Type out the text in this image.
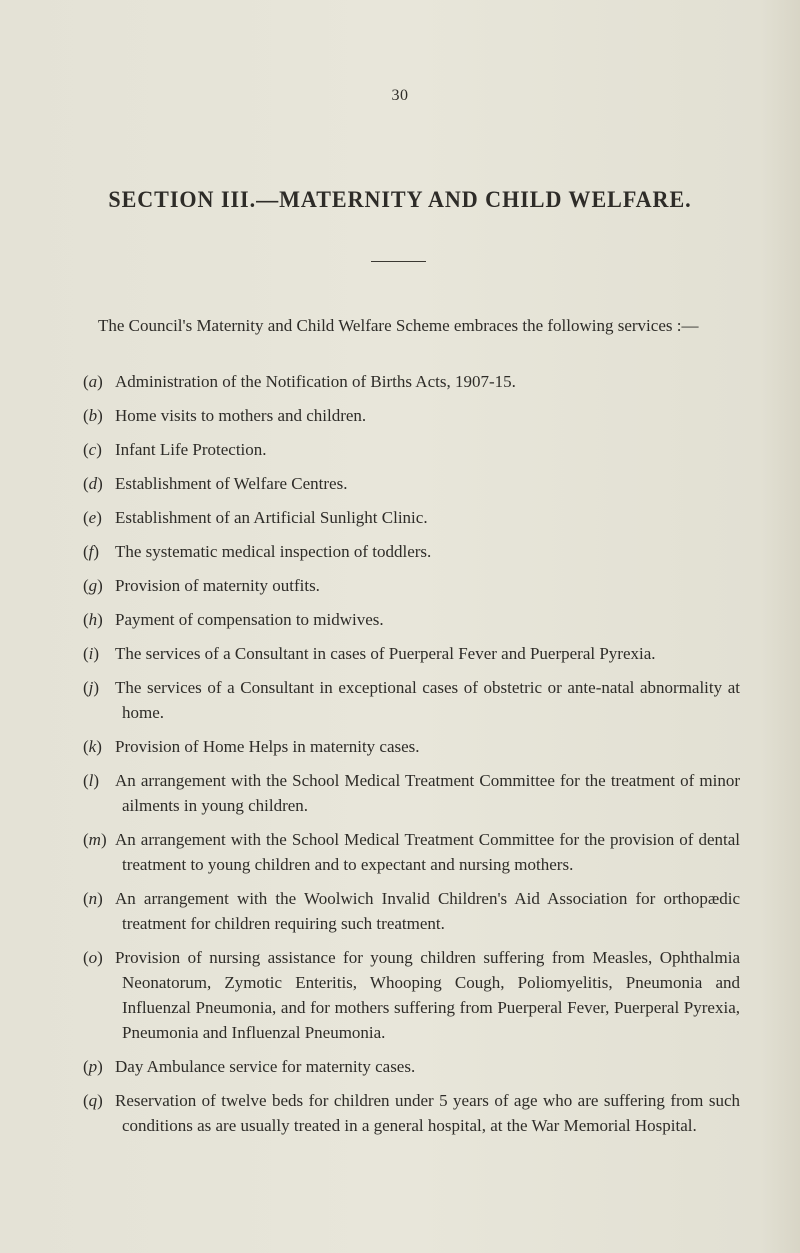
30
SECTION III.—MATERNITY AND CHILD WELFARE.

The Council's Maternity and Child Welfare Scheme embraces the following services :—

(a) Administration of the Notification of Births Acts, 1907-15.
(b) Home visits to mothers and children.
(c) Infant Life Protection.
(d) Establishment of Welfare Centres.
(e) Establishment of an Artificial Sunlight Clinic.
(f) The systematic medical inspection of toddlers.
(g) Provision of maternity outfits.
(h) Payment of compensation to midwives.
(i) The services of a Consultant in cases of Puerperal Fever and Puerperal Pyrexia.
(j) The services of a Consultant in exceptional cases of obstetric or ante-natal abnormality at home.
(k) Provision of Home Helps in maternity cases.
(l) An arrangement with the School Medical Treatment Committee for the treatment of minor ailments in young children.
(m) An arrangement with the School Medical Treatment Committee for the provision of dental treatment to young children and to expectant and nursing mothers.
(n) An arrangement with the Woolwich Invalid Children's Aid Association for orthopædic treatment for children requiring such treatment.
(o) Provision of nursing assistance for young children suffering from Measles, Ophthalmia Neonatorum, Zymotic Enteritis, Whooping Cough, Poliomyelitis, Pneumonia and Influenzal Pneumonia, and for mothers suffering from Puerperal Fever, Puerperal Pyrexia, Pneumonia and Influenzal Pneumonia.
(p) Day Ambulance service for maternity cases.
(q) Reservation of twelve beds for children under 5 years of age who are suffering from such conditions as are usually treated in a general hospital, at the War Memorial Hospital.
